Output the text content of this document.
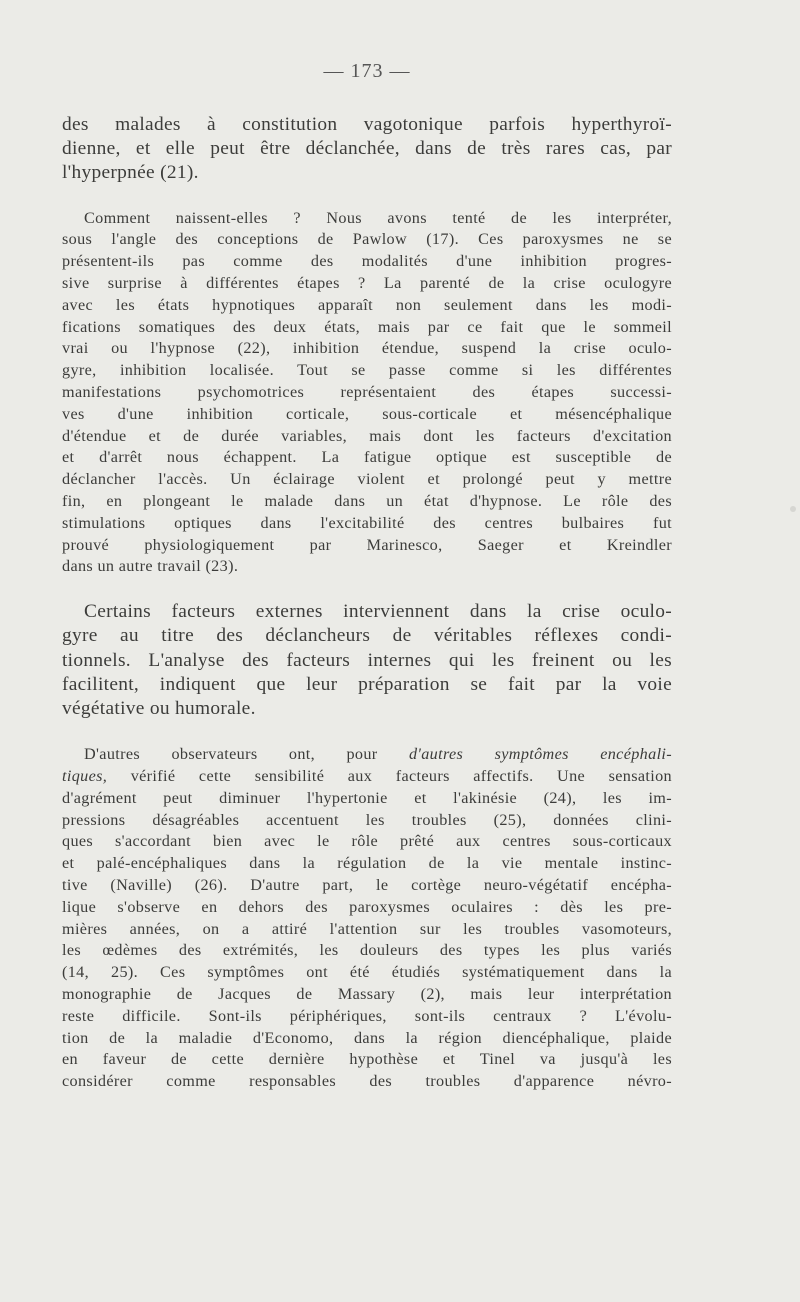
— 173 —
des malades à constitution vagotonique parfois hyperthyroï-
dienne, et elle peut être déclanchée, dans de très rares cas, par
l'hyperpnée (21).
Comment naissent-elles ? Nous avons tenté de les interpréter,
sous l'angle des conceptions de Pawlow (17). Ces paroxysmes ne se
présentent-ils pas comme des modalités d'une inhibition progres-
sive surprise à différentes étapes ? La parenté de la crise oculogyre
avec les états hypnotiques apparaît non seulement dans les modi-
fications somatiques des deux états, mais par ce fait que le sommeil
vrai ou l'hypnose (22), inhibition étendue, suspend la crise oculo-
gyre, inhibition localisée. Tout se passe comme si les différentes
manifestations psychomotrices représentaient des étapes successi-
ves d'une inhibition corticale, sous-corticale et mésencéphalique
d'étendue et de durée variables, mais dont les facteurs d'excitation
et d'arrêt nous échappent. La fatigue optique est susceptible de
déclancher l'accès. Un éclairage violent et prolongé peut y mettre
fin, en plongeant le malade dans un état d'hypnose. Le rôle des
stimulations optiques dans l'excitabilité des centres bulbaires fut
prouvé physiologiquement par Marinesco, Saeger et Kreindler
dans un autre travail (23).
Certains facteurs externes interviennent dans la crise oculo-
gyre au titre des déclancheurs de véritables réflexes condi-
tionnels. L'analyse des facteurs internes qui les freinent ou les
facilitent, indiquent que leur préparation se fait par la voie
végétative ou humorale.
D'autres observateurs ont, pour d'autres symptômes encéphali-
tiques, vérifié cette sensibilité aux facteurs affectifs. Une sensation
d'agrément peut diminuer l'hypertonie et l'akinésie (24), les im-
pressions désagréables accentuent les troubles (25), données clini-
ques s'accordant bien avec le rôle prêté aux centres sous-corticaux
et palé-encéphaliques dans la régulation de la vie mentale instinc-
tive (Naville) (26). D'autre part, le cortège neuro-végétatif encépha-
lique s'observe en dehors des paroxysmes oculaires : dès les pre-
mières années, on a attiré l'attention sur les troubles vasomoteurs,
les œdèmes des extrémités, les douleurs des types les plus variés
(14, 25). Ces symptômes ont été étudiés systématiquement dans la
monographie de Jacques de Massary (2), mais leur interprétation
reste difficile. Sont-ils périphériques, sont-ils centraux ? L'évolu-
tion de la maladie d'Economo, dans la région diencéphalique, plaide
en faveur de cette dernière hypothèse et Tinel va jusqu'à les
considérer comme responsables des troubles d'apparence névro-
